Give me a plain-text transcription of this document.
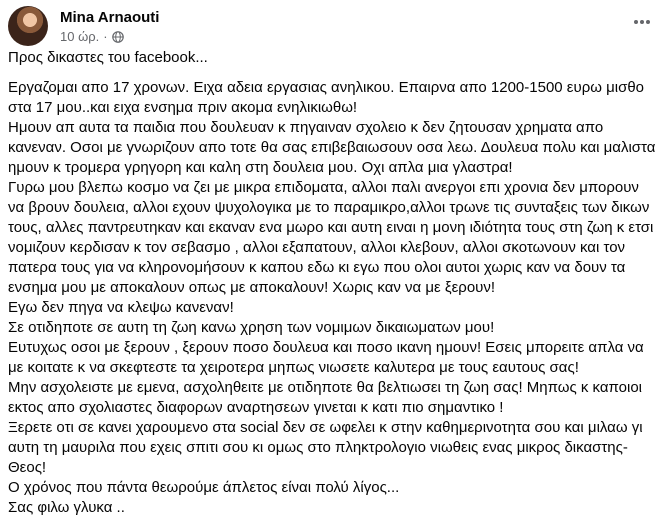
Mina Arnaouti
10 ώρ. ·

Προς δικαστες του facebook...

Εργαζομαι απο 17 χρονων. Ειχα αδεια εργασιας ανηλικου. Επαιρνα απο 1200-1500 ευρω μισθο στα 17 μου..και ειχα ενσημα πριν ακομα ενηλικιωθω!

Ημουν απ αυτα τα παιδια που δουλευαν κ πηγαιναν σχολειο κ δεν ζητουσαν χρηματα απο κανεναν. Οσοι με γνωριζουν απο τοτε θα σας επιβεβαιωσουν οσα λεω. Δουλευα πολυ και μαλιστα ημουν κ τρομερα γρηγορη και καλη στη δουλεια μου. Οχι απλα μια γλαστρα!

Γυρω μου βλεπω κοσμο να ζει με μικρα επιδοματα, αλλοι παλι ανεργοι επι χρονια δεν μπορουν να βρουν δουλεια, αλλοι εχουν ψυχολογικα με το παραμικρο,αλλοι τρωνε τις συνταξεις των δικων τους, αλλες παντρευτηκαν και εκαναν ενα μωρο και αυτη ειναι η μονη ιδιότητα τους στη ζωη κ ετσι νομιζουν κερδισαν κ τον σεβασμο , αλλοι εξαπατουν, αλλοι κλεβουν, αλλοι σκοτωνουν και τον πατερα τους για να κληρονομήσουν κ καπου εδω κι εγω που ολοι αυτοι χωρις καν να δουν τα ενσημα μου με αποκαλουν οπως με αποκαλουν! Χωρις καν να με ξερουν!

Εγω δεν πηγα να κλεψω κανεναν!

Σε οτιδηποτε σε αυτη τη ζωη κανω χρηση των νομιμων δικαιωματων μου!

Ευτυχως οσοι με ξερουν , ξερουν ποσο δουλευα και ποσο ικανη ημουν! Εσεις μπορειτε απλα να με κοιτατε κ να σκεφτεστε τα χειροτερα μηπως νιωσετε καλυτερα με τους εαυτους σας!

Μην ασχολειστε με εμενα, ασχοληθειτε με οτιδηποτε θα βελτιωσει τη ζωη σας! Μηπως κ καποιοι εκτος απο σχολιαστες διαφορων αναρτησεων γινεται κ κατι πιο σημαντικο !

Ξερετε οτι σε κανει χαρουμενο στα social δεν σε ωφελει κ στην καθημερινοτητα σου και μιλαω γι αυτη τη μαυριλα που εχεις σπιτι σου κι ομως στο πληκτρολογιο νιωθεις ενας μικρος δικαστης-Θεος!

Ο χρόνος που πάντα θεωρούμε άπλετος είναι πολύ λίγος...

Σας φιλω γλυκα ..
